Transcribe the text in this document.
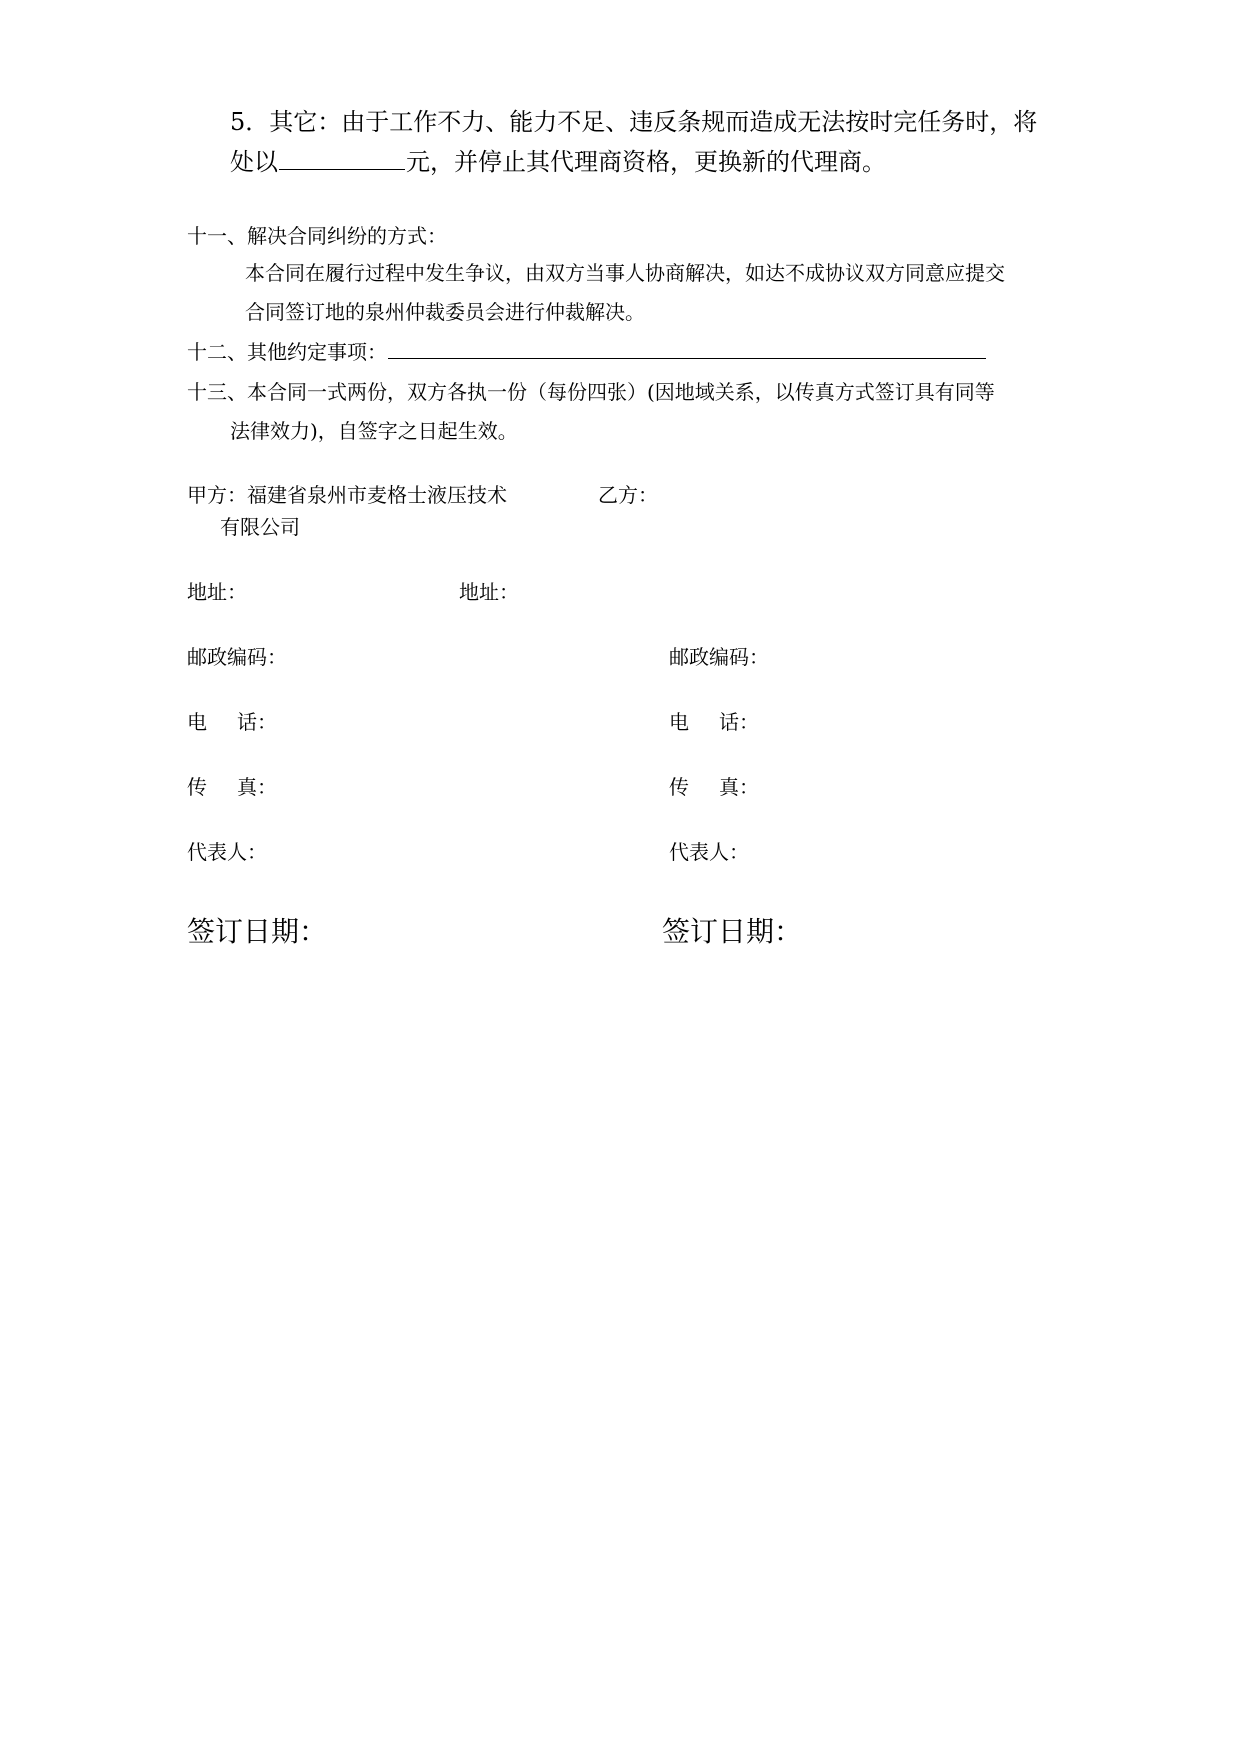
5．其它：由于工作不力、能力不足、违反条规而造成无法按时完任务时，将
处以	元，并停止其代理商资格，更换新的代理商。
十一、解决合同纠纷的方式：
本合同在履行过程中发生争议，由双方当事人协商解决，如达不成协议双方同意应提交
合同签订地的泉州仲裁委员会进行仲裁解决。
十二、其他约定事项：
十三、本合同一式两份，双方各执一份（每份四张）(因地域关系，以传真方式签订具有同等
法律效力)，自签字之日起生效。
甲方：福建省泉州市麦格士液压技术	乙方：
有限公司
地址：	地址：
邮政编码：	邮政编码：
电 话：	电 话：
传 真：	传 真：
代表人：	代表人：
签订日期：	签订日期：
